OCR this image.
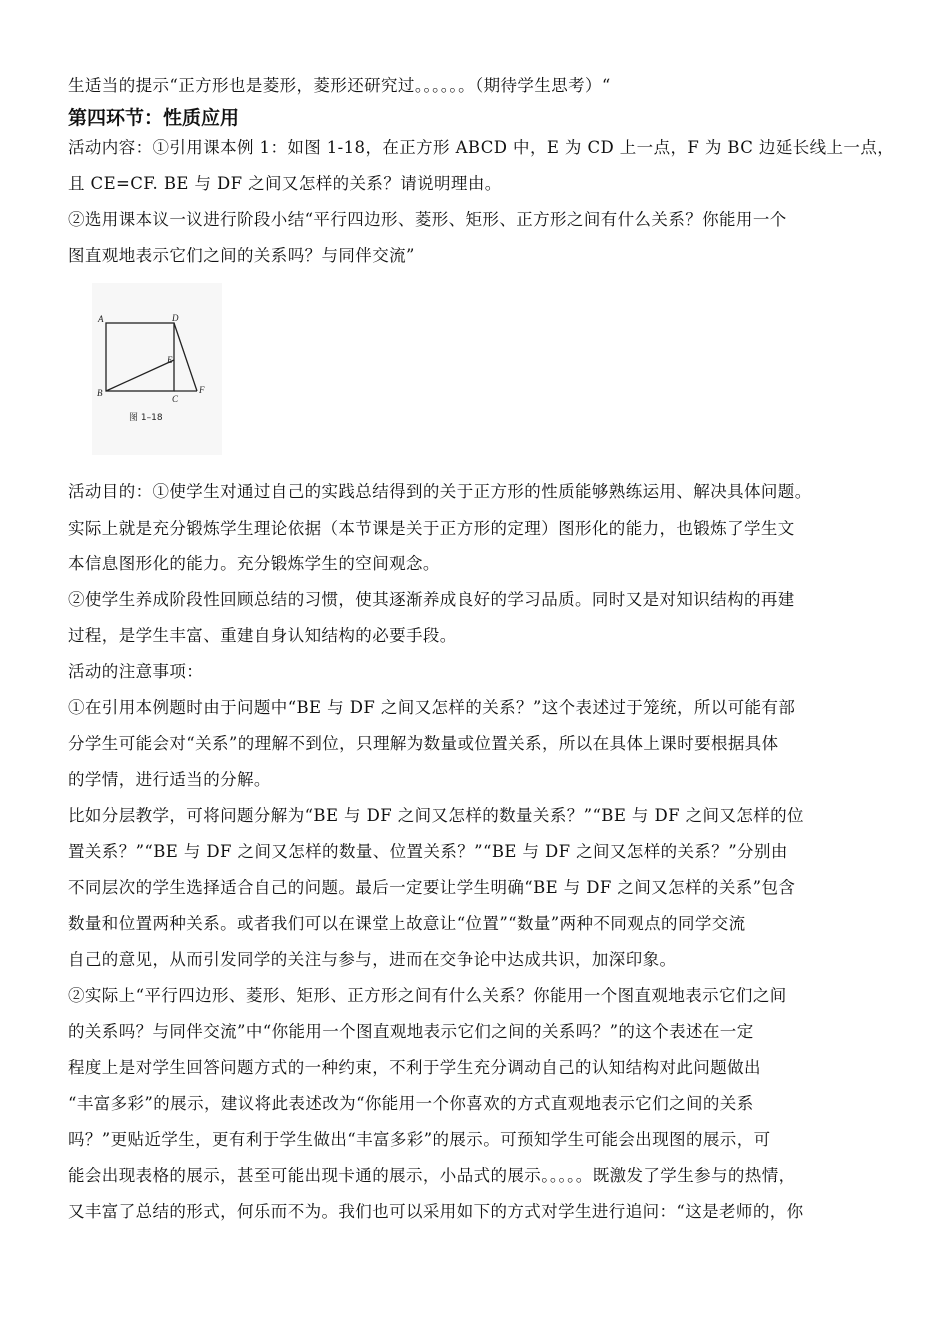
生适当的提示“正方形也是菱形，菱形还研究过。。。。。。（期待学生思考）“
第四环节：性质应用
活动内容：①引用课本例 1：如图 1-18，在正方形 ABCD 中，E 为 CD 上一点，F 为 BC 边延长线上一点，
且 CE=CF. BE 与 DF 之间又怎样的关系？请说明理由。
②选用课本议一议进行阶段小结“平行四边形、菱形、矩形、正方形之间有什么关系？你能用一个
图直观地表示它们之间的关系吗？与同伴交流”
A	D
E
B
C
F
图 1–18
活动目的：①使学生对通过自己的实践总结得到的关于正方形的性质能够熟练运用、解决具体问题。
实际上就是充分锻炼学生理论依据（本节课是关于正方形的定理）图形化的能力，也锻炼了学生文
本信息图形化的能力。充分锻炼学生的空间观念。
②使学生养成阶段性回顾总结的习惯，使其逐渐养成良好的学习品质。同时又是对知识结构的再建
过程，是学生丰富、重建自身认知结构的必要手段。
活动的注意事项：
①在引用本例题时由于问题中“BE 与 DF 之间又怎样的关系？”这个表述过于笼统，所以可能有部
分学生可能会对“关系”的理解不到位，只理解为数量或位置关系，所以在具体上课时要根据具体
的学情，进行适当的分解。
比如分层教学，可将问题分解为“BE 与 DF 之间又怎样的数量关系？”“BE 与 DF 之间又怎样的位
置关系？”“BE 与 DF 之间又怎样的数量、位置关系？”“BE 与 DF 之间又怎样的关系？”分别由
不同层次的学生选择适合自己的问题。最后一定要让学生明确“BE 与 DF 之间又怎样的关系”包含
数量和位置两种关系。或者我们可以在课堂上故意让“位置”“数量”两种不同观点的同学交流
自己的意见，从而引发同学的关注与参与，进而在交争论中达成共识，加深印象。
②实际上“平行四边形、菱形、矩形、正方形之间有什么关系？你能用一个图直观地表示它们之间
的关系吗？与同伴交流”中“你能用一个图直观地表示它们之间的关系吗？”的这个表述在一定
程度上是对学生回答问题方式的一种约束，不利于学生充分调动自己的认知结构对此问题做出
“丰富多彩”的展示，建议将此表述改为“你能用一个你喜欢的方式直观地表示它们之间的关系
吗？”更贴近学生，更有利于学生做出“丰富多彩”的展示。可预知学生可能会出现图的展示，可
能会出现表格的展示，甚至可能出现卡通的展示，小品式的展示。。。。。既激发了学生参与的热情，
又丰富了总结的形式，何乐而不为。我们也可以采用如下的方式对学生进行追问：“这是老师的，你
